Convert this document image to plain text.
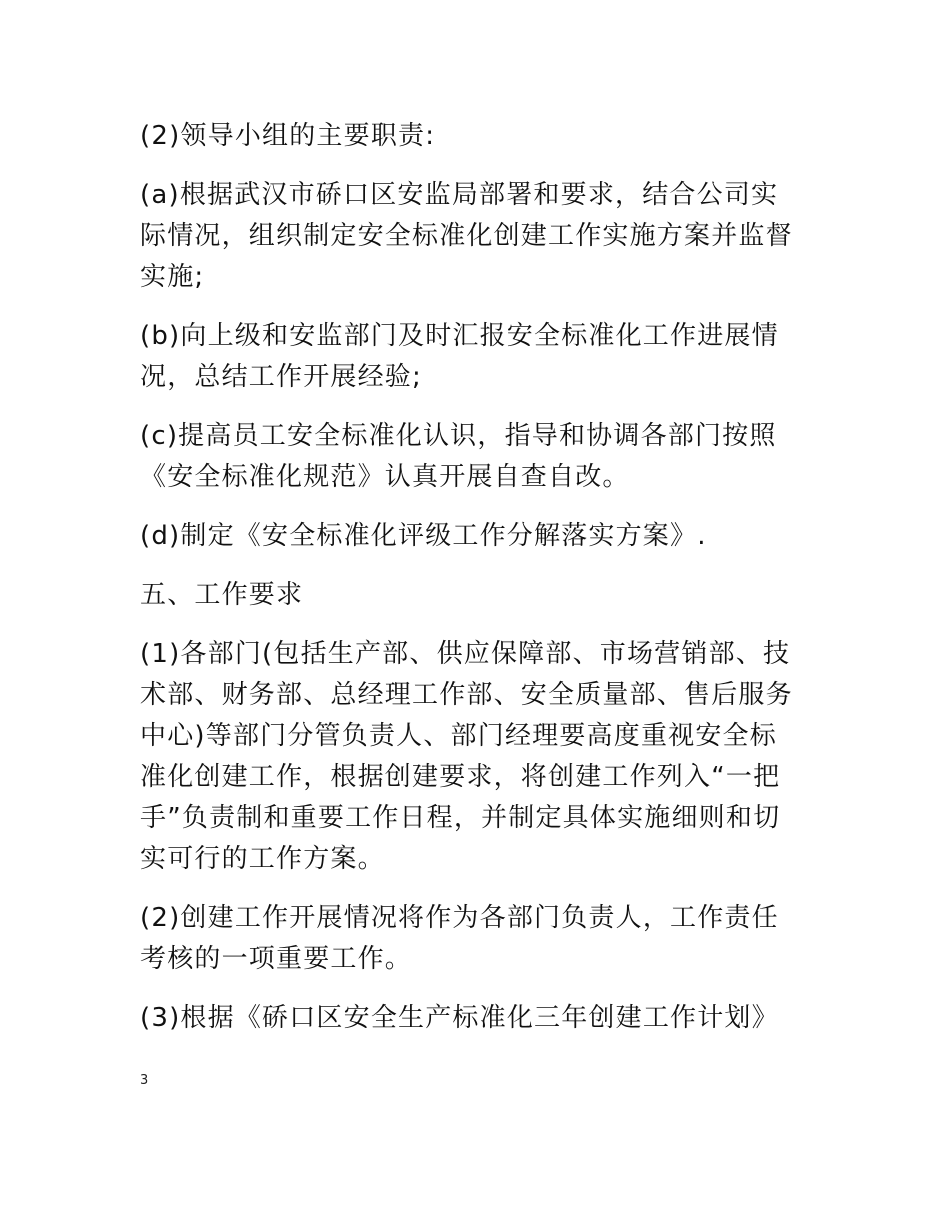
(2)领导小组的主要职责:

(a)根据武汉市硚口区安监局部署和要求，结合公司实
际情况，组织制定安全标准化创建工作实施方案并监督
实施;

(b)向上级和安监部门及时汇报安全标准化工作进展情
况，总结工作开展经验;

(c)提高员工安全标准化认识，指导和协调各部门按照
《安全标准化规范》认真开展自查自改。

(d)制定《安全标准化评级工作分解落实方案》.

五、工作要求

(1)各部门(包括生产部、供应保障部、市场营销部、技
术部、财务部、总经理工作部、安全质量部、售后服务
中心)等部门分管负责人、部门经理要高度重视安全标
准化创建工作，根据创建要求，将创建工作列入“一把
手”负责制和重要工作日程，并制定具体实施细则和切
实可行的工作方案。

(2)创建工作开展情况将作为各部门负责人，工作责任
考核的一项重要工作。

(3)根据《硚口区安全生产标准化三年创建工作计划》

3
